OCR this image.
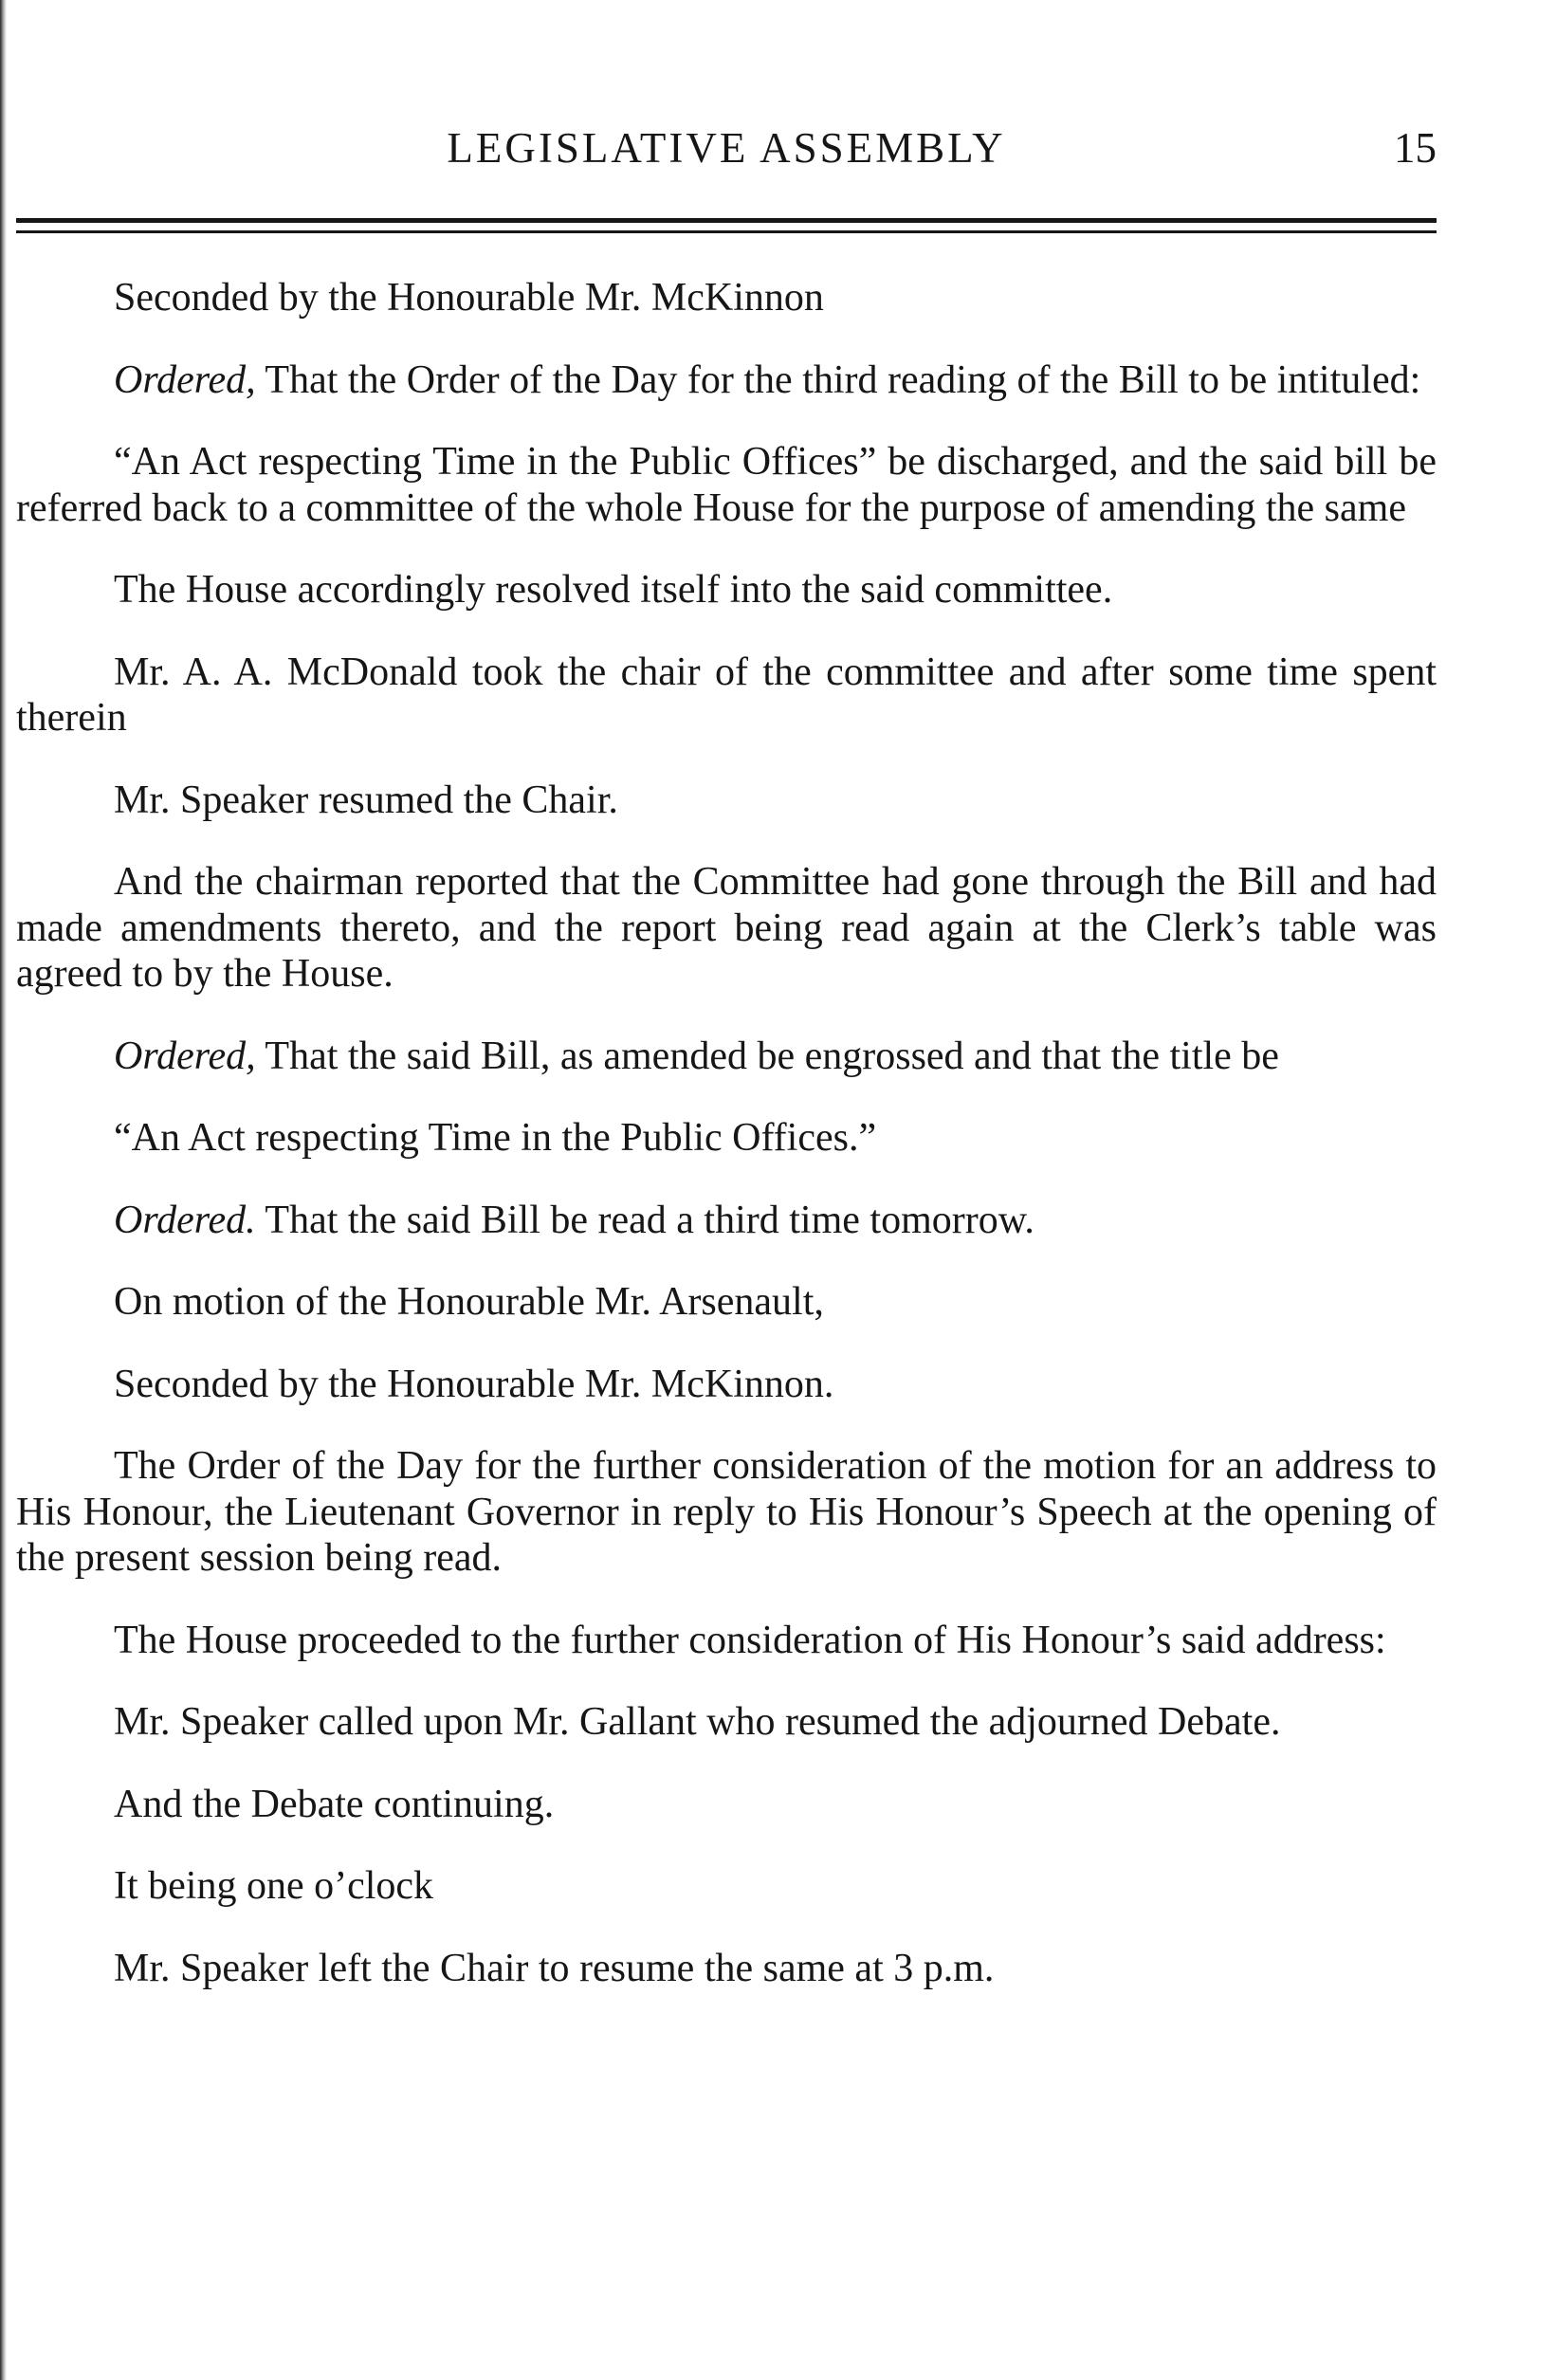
LEGISLATIVE ASSEMBLY	15

Seconded by the Honourable Mr. McKinnon

Ordered, That the Order of the Day for the third reading of the Bill to be intituled:

“An Act respecting Time in the Public Offices” be discharged, and the said bill be referred back to a committee of the whole House for the purpose of amending the same

The House accordingly resolved itself into the said committee.

Mr. A. A. McDonald took the chair of the committee and after some time spent therein

Mr. Speaker resumed the Chair.

And the chairman reported that the Committee had gone through the Bill and had made amendments thereto, and the report being read again at the Clerk’s table was agreed to by the House.

Ordered, That the said Bill, as amended be engrossed and that the title be

“An Act respecting Time in the Public Offices.”

Ordered. That the said Bill be read a third time tomorrow.

On motion of the Honourable Mr. Arsenault,

Seconded by the Honourable Mr. McKinnon.

The Order of the Day for the further consideration of the motion for an address to His Honour, the Lieutenant Governor in reply to His Honour’s Speech at the opening of the present session being read.

The House proceeded to the further consideration of His Honour’s said address:

Mr. Speaker called upon Mr. Gallant who resumed the adjourned Debate.

And the Debate continuing.

It being one o’clock

Mr. Speaker left the Chair to resume the same at 3 p.m.
